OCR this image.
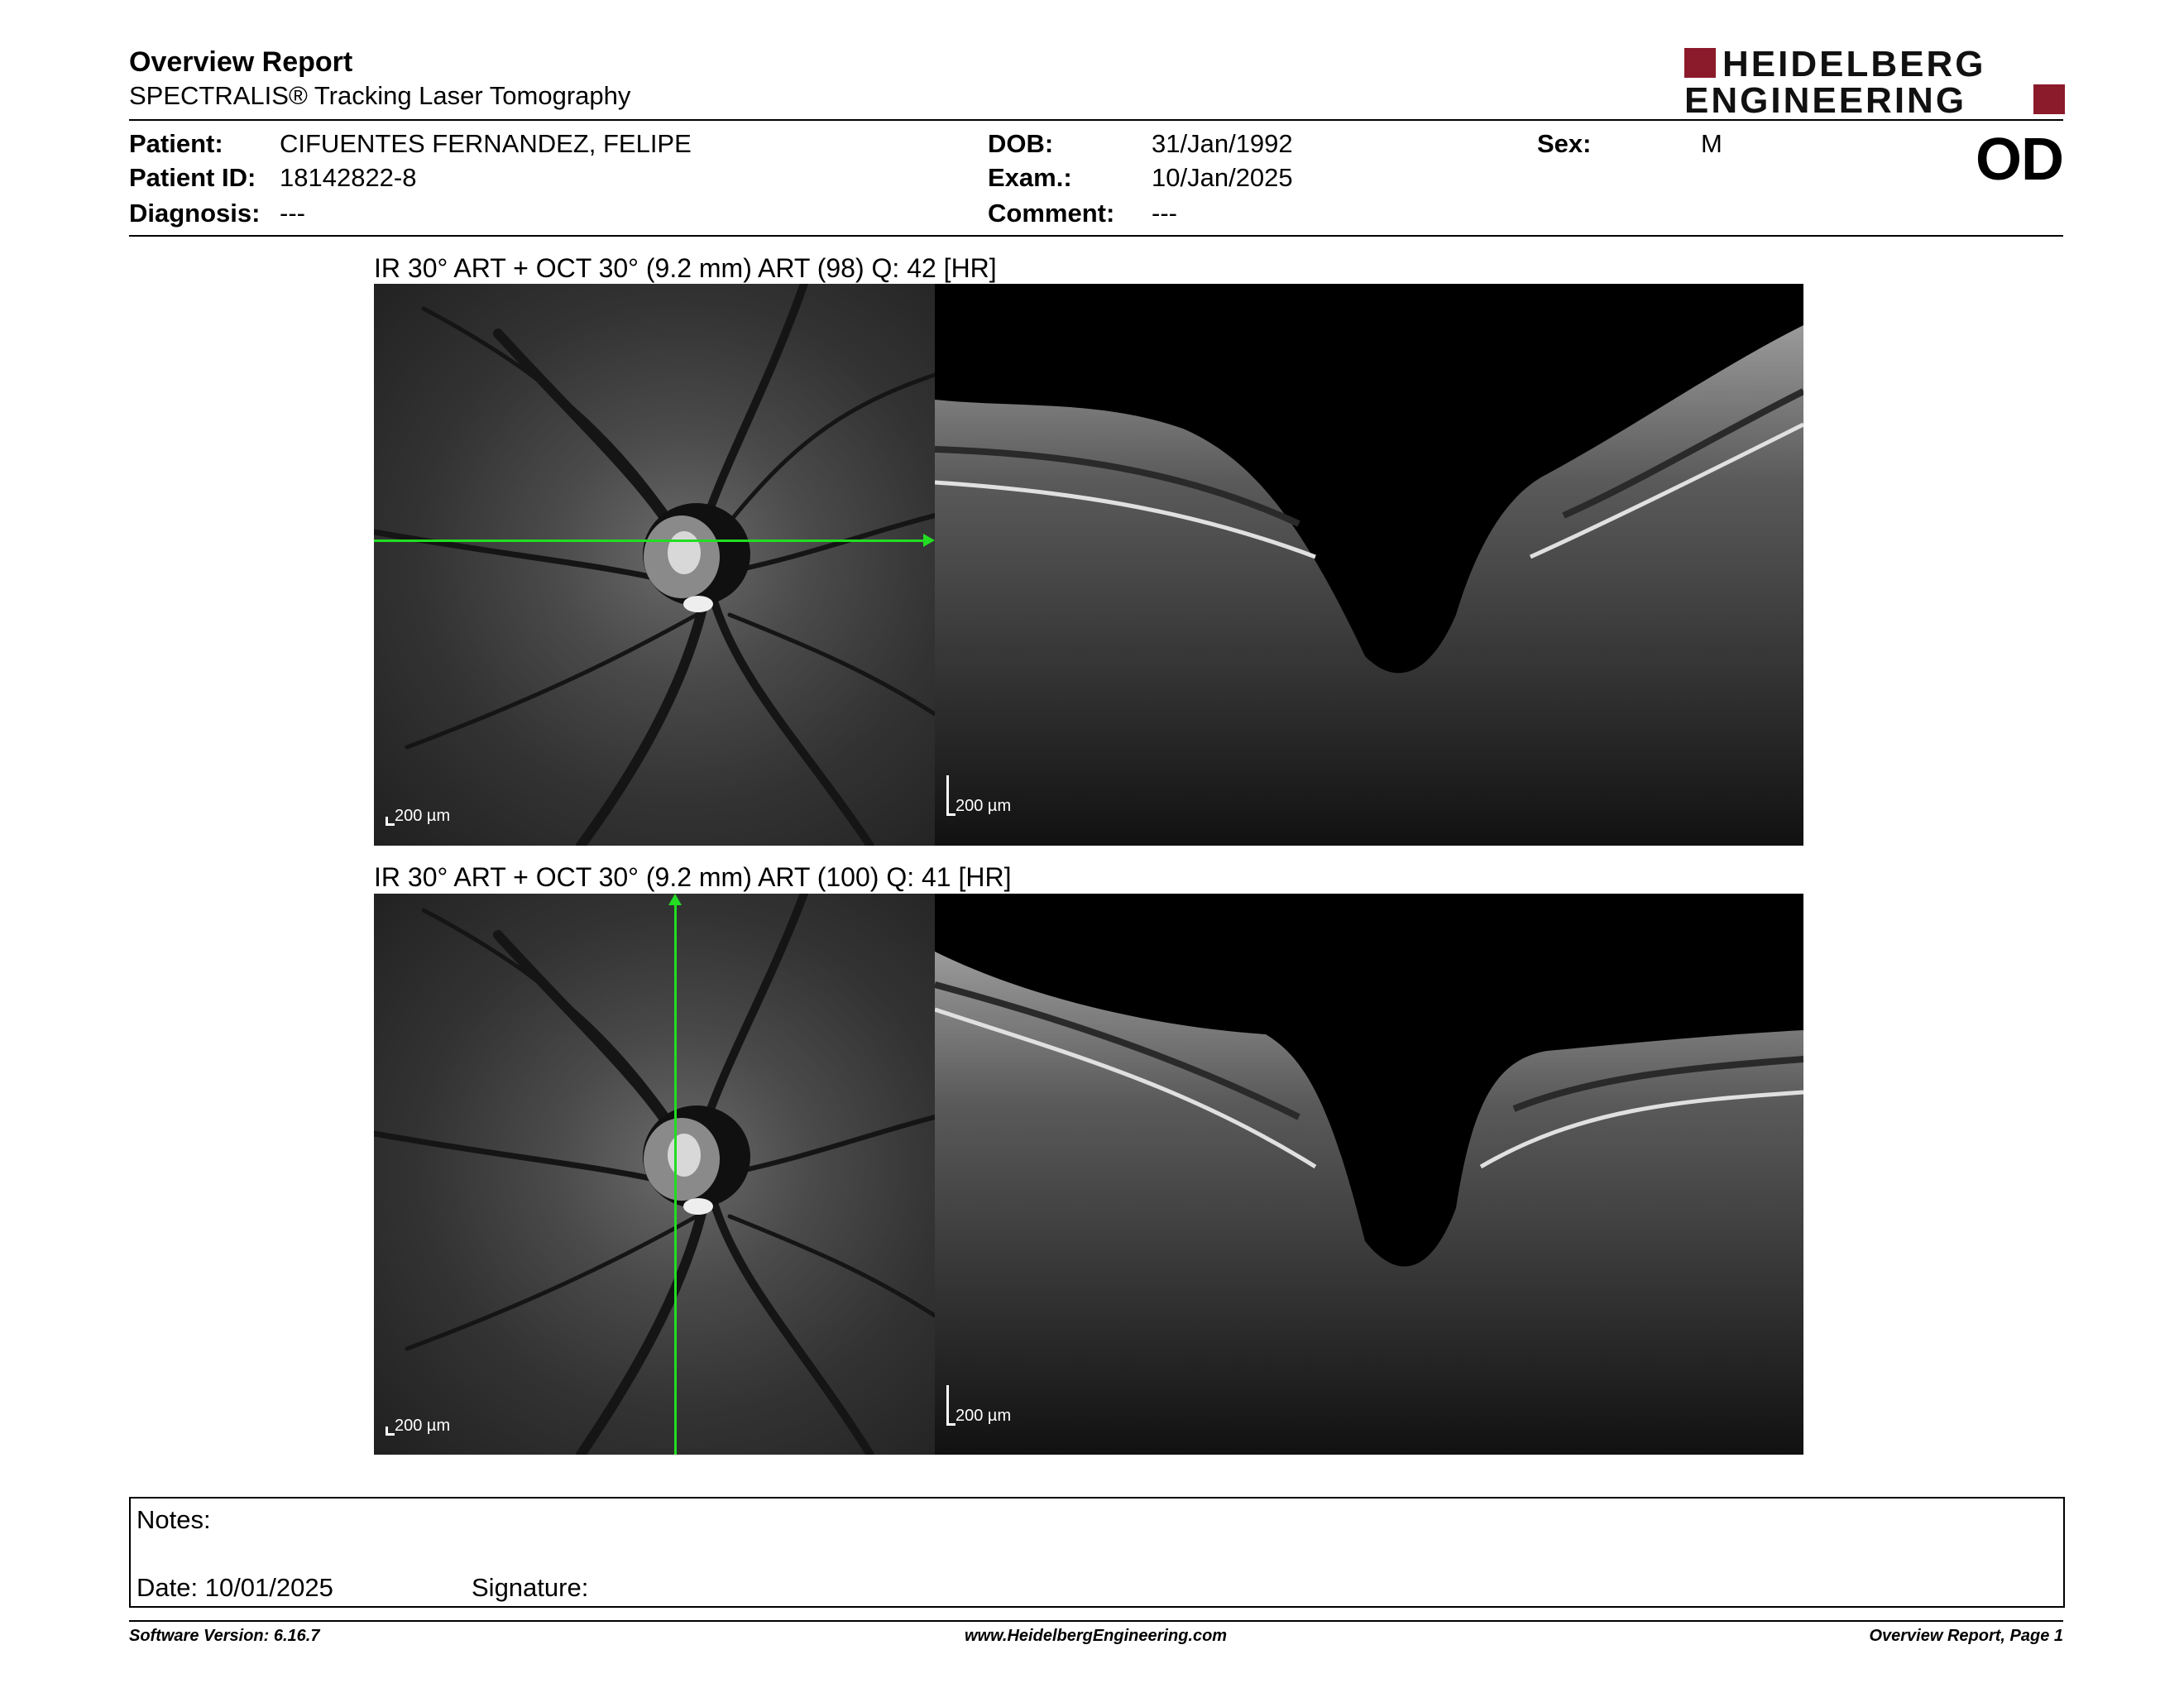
Overview Report
SPECTRALIS® Tracking Laser Tomography
HEIDELBERG
ENGINEERING
Patient: CIFUENTES FERNANDEZ, FELIPE
Patient ID: 18142822-8
Diagnosis: ---
DOB:	31/Jan/1992
Exam.:	10/Jan/2025
Comment: ---
Sex:	M	OD
IR 30° ART + OCT 30° (9.2 mm) ART (98) Q: 42 [HR]
200 µm
200 µm
IR 30° ART + OCT 30° (9.2 mm) ART (100) Q: 41 [HR]
200 µm
200 µm
Notes:
Date: 10/01/2025	Signature:
Software Version: 6.16.7	www.HeidelbergEngineering.com	Overview Report, Page 1
